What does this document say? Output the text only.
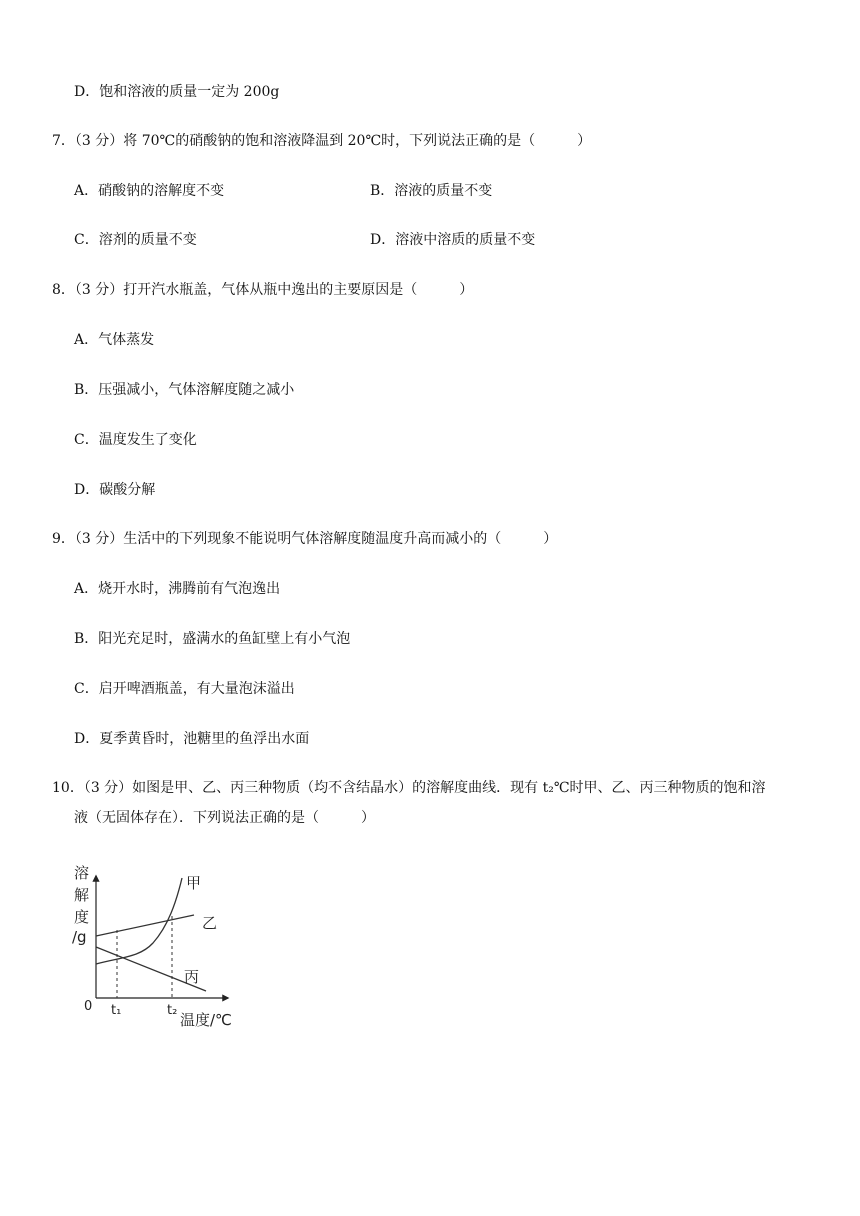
D．饱和溶液的质量一定为 200g
7．（3 分）将 70℃的硝酸钠的饱和溶液降温到 20℃时，下列说法正确的是（　　　）
A．硝酸钠的溶解度不变	B．溶液的质量不变
C．溶剂的质量不变	D．溶液中溶质的质量不变
8．（3 分）打开汽水瓶盖，气体从瓶中逸出的主要原因是（　　　）
A．气体蒸发
B．压强减小，气体溶解度随之减小
C．温度发生了变化
D．碳酸分解
9．（3 分）生活中的下列现象不能说明气体溶解度随温度升高而减小的（　　　）
A．烧开水时，沸腾前有气泡逸出
B．阳光充足时，盛满水的鱼缸壁上有小气泡
C．启开啤酒瓶盖，有大量泡沫溢出
D．夏季黄昏时，池糖里的鱼浮出水面
10．（3 分）如图是甲、乙、丙三种物质（均不含结晶水）的溶解度曲线．现有 t₂℃时甲、乙、丙三种物质的饱和溶
液（无固体存在）．下列说法正确的是（　　　）
溶
解
度
/g
0 t₁	t₂
温度/℃
甲
乙
丙
